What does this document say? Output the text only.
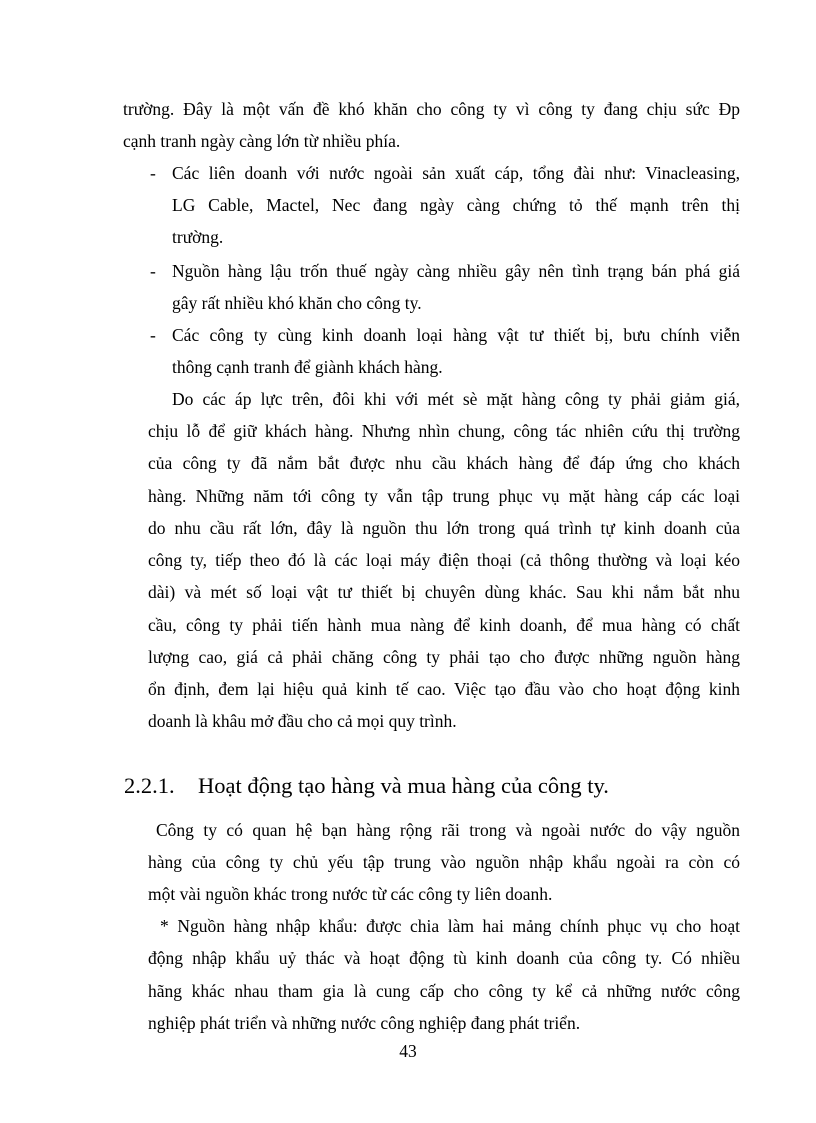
trường. Đây là một vấn đề khó khăn cho công ty vì công ty đang chịu sức Đp
cạnh tranh ngày càng lớn từ nhiều phía.
- Các liên doanh với nước ngoài sản xuất cáp, tổng đài như: Vinacleasing,
LG Cable, Mactel, Nec đang ngày càng chứng tỏ thế mạnh trên thị
trường.
- Nguồn hàng lậu trốn thuế ngày càng nhiều gây nên tình trạng bán phá giá
gây rất nhiều khó khăn cho công ty.
- Các công ty cùng kinh doanh loại hàng vật tư thiết bị, bưu chính viễn
thông cạnh tranh để giành khách hàng.
Do các áp lực trên, đôi khi với mét sè mặt hàng công ty phải giảm giá,
chịu lỗ để giữ khách hàng. Nhưng nhìn chung, công tác nhiên cứu thị trường
của công ty đã nắm bắt được nhu cầu khách hàng để đáp ứng cho khách
hàng. Những năm tới công ty vẫn tập trung phục vụ mặt hàng cáp các loại
do nhu cầu rất lớn, đây là nguồn thu lớn trong quá trình tự kinh doanh của
công ty, tiếp theo đó là các loại máy điện thoại (cả thông thường và loại kéo
dài) và mét số loại vật tư thiết bị chuyên dùng khác. Sau khi nắm bắt nhu
cầu, công ty phải tiến hành mua nàng để kinh doanh, để mua hàng có chất
lượng cao, giá cả phải chăng công ty phải tạo cho được những nguồn hàng
ổn định, đem lại hiệu quả kinh tế cao. Việc tạo đầu vào cho hoạt động kinh
doanh là khâu mở đầu cho cả mọi quy trình.
2.2.1. Hoạt động tạo hàng và mua hàng của công ty.
Công ty có quan hệ bạn hàng rộng rãi trong và ngoài nước do vậy nguồn
hàng của công ty chủ yếu tập trung vào nguồn nhập khẩu ngoài ra còn có
một vài nguồn khác trong nước từ các công ty liên doanh.
* Nguồn hàng nhập khẩu: được chia làm hai mảng chính phục vụ cho hoạt
động nhập khẩu uỷ thác và hoạt động tù kinh doanh của công ty. Có nhiều
hãng khác nhau tham gia là cung cấp cho công ty kể cả những nước công
nghiệp phát triển và những nước công nghiệp đang phát triển.
43
